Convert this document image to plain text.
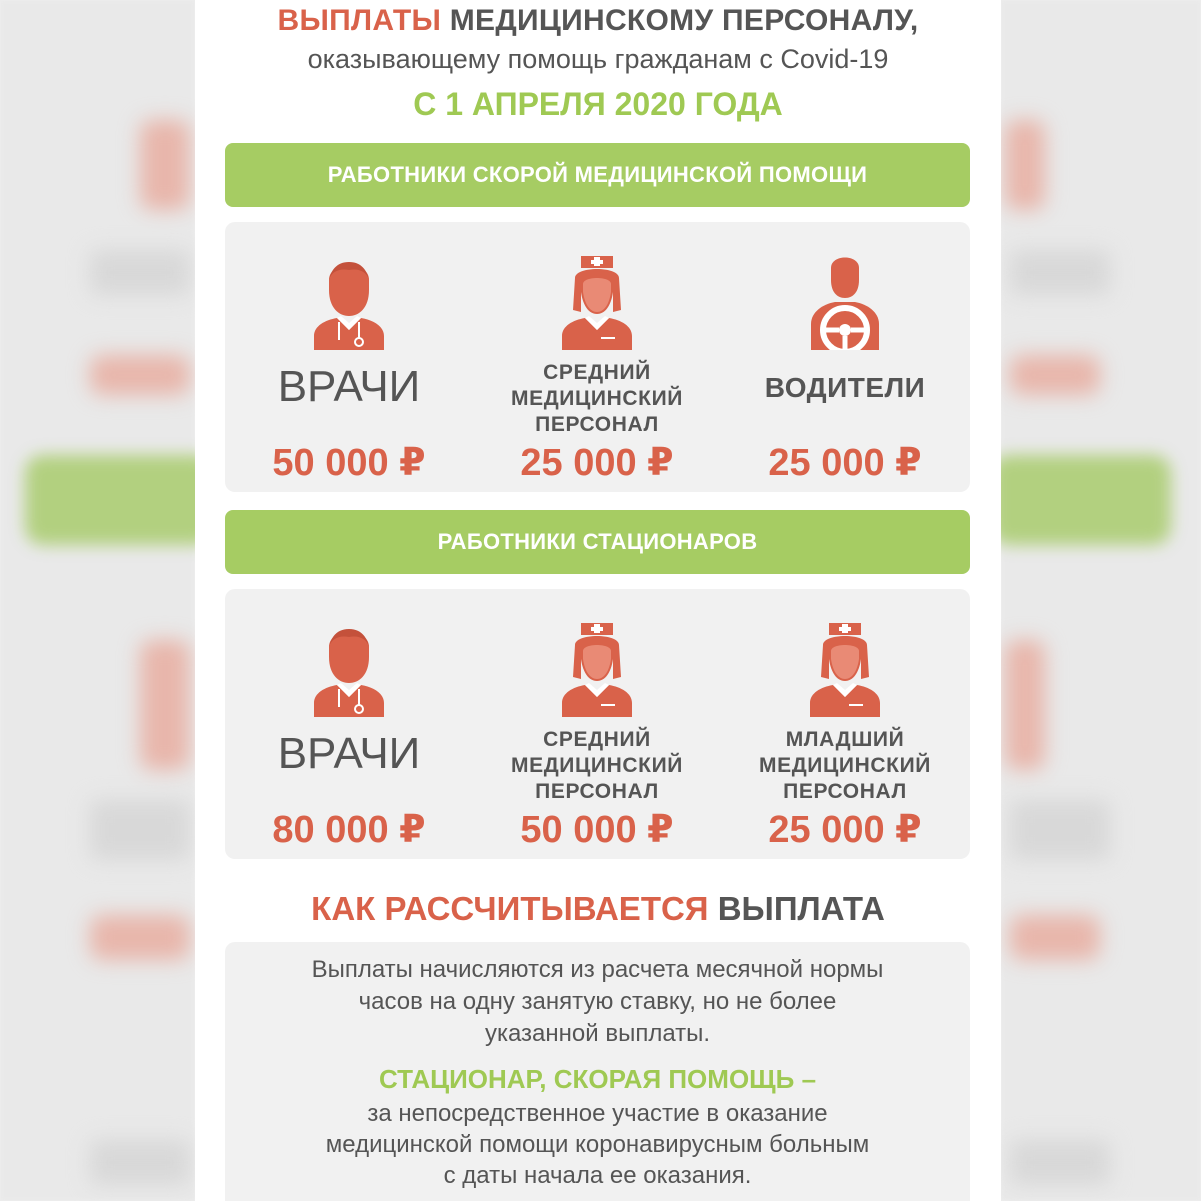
ВЫПЛАТЫ МЕДИЦИНСКОМУ ПЕРСОНАЛУ,
оказывающему помощь гражданам с Covid-19
С 1 АПРЕЛЯ 2020 ГОДА
РАБОТНИКИ СКОРОЙ МЕДИЦИНСКОЙ ПОМОЩИ
ВРАЧИ
50 000 ₽
СРЕДНИЙ
МЕДИЦИНСКИЙ
ПЕРСОНАЛ
25 000 ₽
ВОДИТЕЛИ
25 000 ₽
РАБОТНИКИ СТАЦИОНАРОВ
ВРАЧИ
80 000 ₽
СРЕДНИЙ
МЕДИЦИНСКИЙ
ПЕРСОНАЛ
50 000 ₽
МЛАДШИЙ
МЕДИЦИНСКИЙ
ПЕРСОНАЛ
25 000 ₽
КАК РАССЧИТЫВАЕТСЯ ВЫПЛАТА
Выплаты начисляются из расчета месячной нормы
часов на одну занятую ставку, но не более
указанной выплаты.
СТАЦИОНАР, СКОРАЯ ПОМОЩЬ –
за непосредственное участие в оказание
медицинской помощи коронавирусным больным
с даты начала ее оказания.
